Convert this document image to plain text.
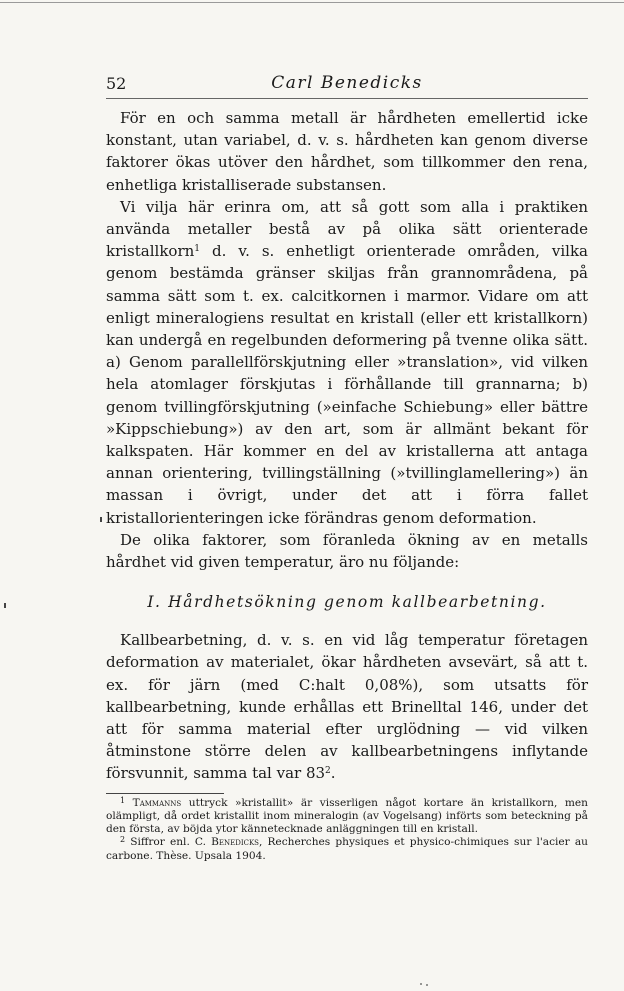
52	Carl Benedicks

För en och samma metall är hårdheten emellertid icke konstant, utan variabel, d. v. s. hårdheten kan genom diverse faktorer ökas utöver den hårdhet, som tillkommer den rena, enhetliga kristalliserade substansen.

Vi vilja här erinra om, att så gott som alla i praktiken använda metaller bestå av på olika sätt orienterade kristallkorn$^1$ d. v. s. enhetligt orienterade områden, vilka genom bestämda gränser skiljas från grannområdena, på samma sätt som t. ex. calcitkornen i marmor. Vidare om att enligt mineralogiens resultat en kristall (eller ett kristallkorn) kan undergå en regelbunden deformering på tvenne olika sätt. a) Genom parallellförskjutning eller »translation», vid vilken hela atomlager förskjutas i förhållande till grannarna; b) genom tvillingförskjutning (»einfache Schiebung» eller bättre »Kippschiebung») av den art, som är allmänt bekant för kalkspaten. Här kommer en del av kristallerna att antaga annan orientering, tvillingställning (»tvillinglamellering») än massan i övrigt, under det att i förra fallet kristallorienteringen icke förändras genom deformation.

De olika faktorer, som föranleda ökning av en metalls hårdhet vid given temperatur, äro nu följande:

I. Hårdhetsökning genom kallbearbetning.

Kallbearbetning, d. v. s. en vid låg temperatur företagen deformation av materialet, ökar hårdheten avsevärt, så att t. ex. för järn (med C:halt 0,08%), som utsatts för kallbearbetning, kunde erhållas ett Brinelltal 146, under det att för samma material efter urglödning — vid vilken åtminstone större delen av kallbearbetningens inflytande försvunnit, samma tal var $83^2$.

$^1$ Tammanns uttryck »kristallit» är visserligen något kortare än kristallkorn, men olämpligt, då ordet kristallit inom mineralogin (av Vogelsang) införts som beteckning på den första, av böjda ytor kännetecknade anläggningen till en kristall.

$^2$ Siffror enl. C. Benedicks, Recherches physiques et physico-chimiques sur l'acier au carbone. Thèse. Upsala 1904.
